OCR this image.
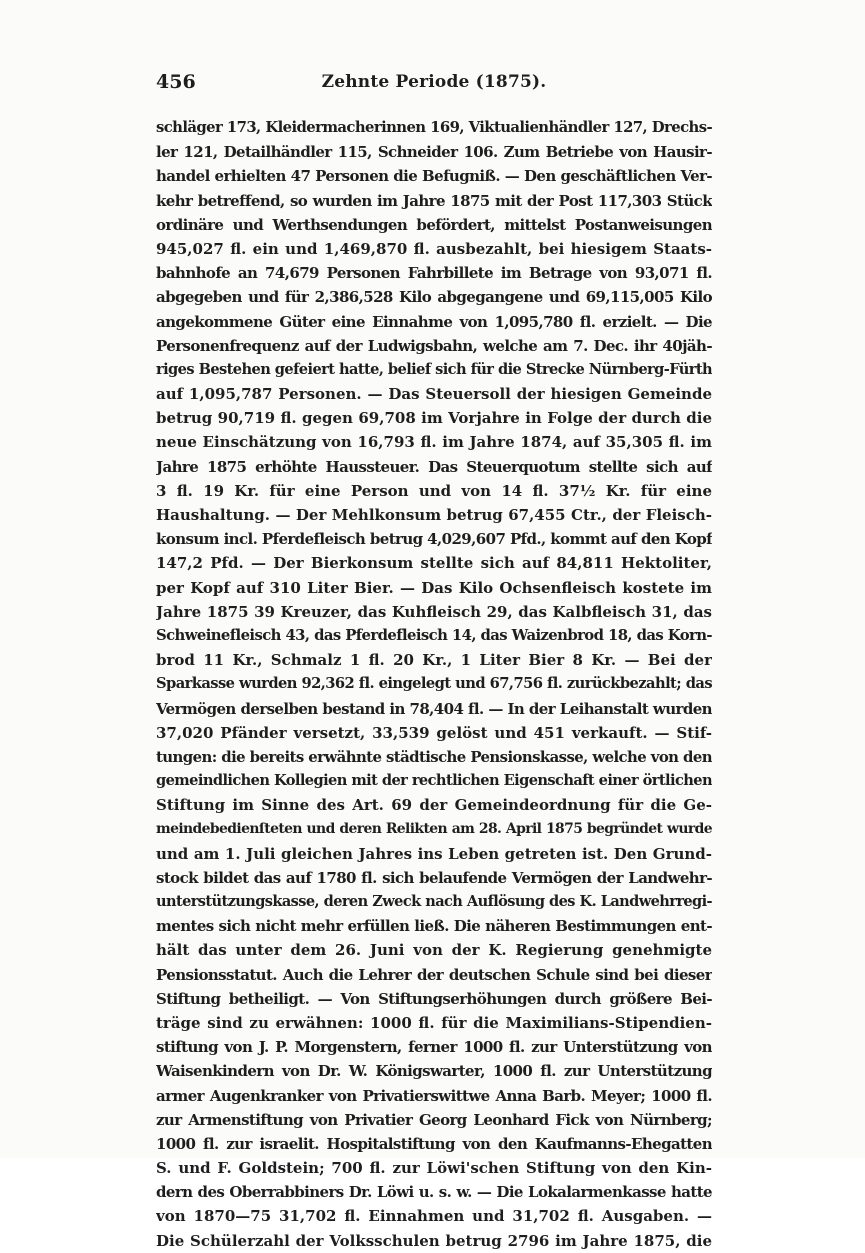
456	Zehnte Periode (1875).
schläger 173, Kleidermacherinnen 169, Viktualienhändler 127, Drechs-
ler 121, Detailhändler 115, Schneider 106. Zum Betriebe von Hausir-
handel erhielten 47 Personen die Befugniß. — Den geschäftlichen Ver-
kehr betreffend, so wurden im Jahre 1875 mit der Post 117,303 Stück
ordinäre und Werthsendungen befördert, mittelst Postanweisungen
945,027 fl. ein und 1,469,870 fl. ausbezahlt, bei hiesigem Staats-
bahnhofe an 74,679 Personen Fahrbillete im Betrage von 93,071 fl.
abgegeben und für 2,386,528 Kilo abgegangene und 69,115,005 Kilo
angekommene Güter eine Einnahme von 1,095,780 fl. erzielt. — Die
Personenfrequenz auf der Ludwigsbahn, welche am 7. Dec. ihr 40jäh-
riges Bestehen gefeiert hatte, belief sich für die Strecke Nürnberg-Fürth
auf 1,095,787 Personen. — Das Steuersoll der hiesigen Gemeinde
betrug 90,719 fl. gegen 69,708 im Vorjahre in Folge der durch die
neue Einschätzung von 16,793 fl. im Jahre 1874, auf 35,305 fl. im
Jahre 1875 erhöhte Haussteuer. Das Steuerquotum stellte sich auf
3 fl. 19 Kr. für eine Person und von 14 fl. 37½ Kr. für eine
Haushaltung. — Der Mehlkonsum betrug 67,455 Ctr., der Fleisch-
konsum incl. Pferdefleisch betrug 4,029,607 Pfd., kommt auf den Kopf
147,2 Pfd. — Der Bierkonsum stellte sich auf 84,811 Hektoliter,
per Kopf auf 310 Liter Bier. — Das Kilo Ochsenfleisch kostete im
Jahre 1875 39 Kreuzer, das Kuhfleisch 29, das Kalbfleisch 31, das
Schweinefleisch 43, das Pferdefleisch 14, das Waizenbrod 18, das Korn-
brod 11 Kr., Schmalz 1 fl. 20 Kr., 1 Liter Bier 8 Kr. — Bei der
Sparkasse wurden 92,362 fl. eingelegt und 67,756 fl. zurückbezahlt; das
Vermögen derselben bestand in 78,404 fl. — In der Leihanstalt wurden
37,020 Pfänder versetzt, 33,539 gelöst und 451 verkauft. — Stif-
tungen: die bereits erwähnte städtische Pensionskasse, welche von den
gemeindlichen Kollegien mit der rechtlichen Eigenschaft einer örtlichen
Stiftung im Sinne des Art. 69 der Gemeindeordnung für die Ge-
meindebedienſteten und deren Relikten am 28. April 1875 begründet wurde
und am 1. Juli gleichen Jahres ins Leben getreten ist. Den Grund-
stock bildet das auf 1780 fl. sich belaufende Vermögen der Landwehr-
unterstützungskasse, deren Zweck nach Auflösung des K. Landwehrregi-
mentes sich nicht mehr erfüllen ließ. Die näheren Bestimmungen ent-
hält das unter dem 26. Juni von der K. Regierung genehmigte
Pensionsstatut. Auch die Lehrer der deutschen Schule sind bei dieser
Stiftung betheiligt. — Von Stiftungserhöhungen durch größere Bei-
träge sind zu erwähnen: 1000 fl. für die Maximilians-Stipendien-
stiftung von J. P. Morgenstern, ferner 1000 fl. zur Unterstützung von
Waisenkindern von Dr. W. Königswarter, 1000 fl. zur Unterstützung
armer Augenkranker von Privatierswittwe Anna Barb. Meyer; 1000 fl.
zur Armenstiftung von Privatier Georg Leonhard Fick von Nürnberg;
1000 fl. zur israelit. Hospitalstiftung von den Kaufmanns-Ehegatten
S. und F. Goldstein; 700 fl. zur Löwi'schen Stiftung von den Kin-
dern des Oberrabbiners Dr. Löwi u. s. w. — Die Lokalarmenkasse hatte
von 1870—75 31,702 fl. Einnahmen und 31,702 fl. Ausgaben. —
Die Schülerzahl der Volksschulen betrug 2796 im Jahre 1875, die
